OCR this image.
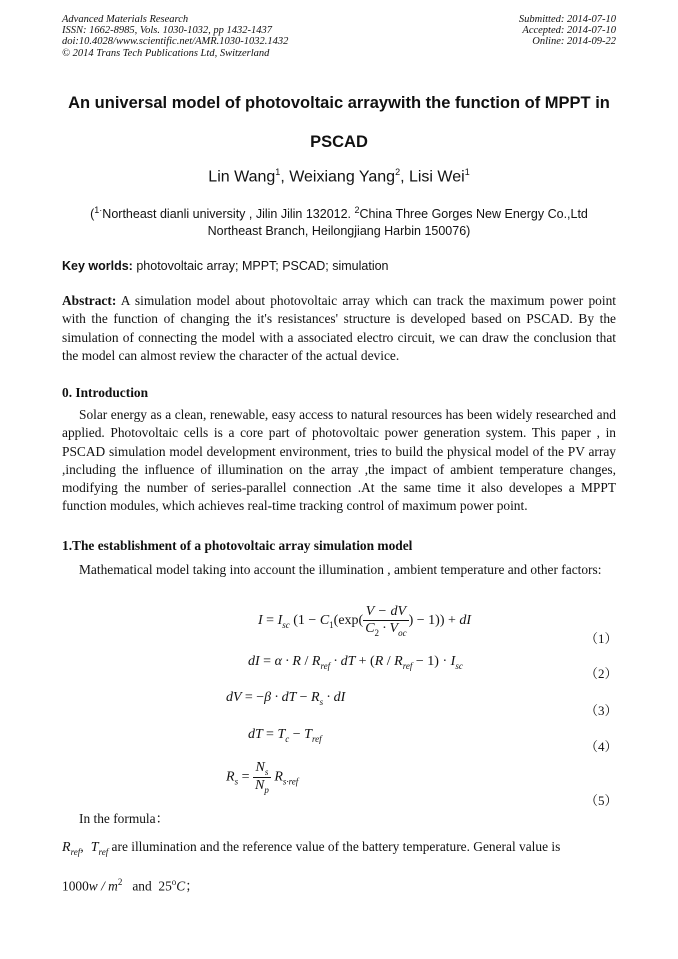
Advanced Materials Research
ISSN: 1662-8985, Vols. 1030-1032, pp 1432-1437
doi:10.4028/www.scientific.net/AMR.1030-1032.1432
© 2014 Trans Tech Publications Ltd, Switzerland
Submitted: 2014-07-10
Accepted: 2014-07-10
Online: 2014-09-22
An universal model of photovoltaic arraywith the function of MPPT in
PSCAD
Lin Wang$^1$, Weixiang Yang$^2$, Lisi Wei$^1$
($^{1\cdot}$Northeast dianli university , Jilin Jilin 132012. $^2$China Three Gorges New Energy Co.,Ltd
Northeast Branch, Heilongjiang Harbin 150076)
Key worlds: photovoltaic array; MPPT; PSCAD; simulation
Abstract: A simulation model about photovoltaic array which can track the maximum power point with the function of changing the it's resistances' structure is developed based on PSCAD. By the simulation of connecting the model with a associated electro circuit, we can draw the conclusion that the model can almost review the character of the actual device.
0. Introduction
Solar energy as a clean, renewable, easy access to natural resources has been widely researched and applied. Photovoltaic cells is a core part of photovoltaic power generation system. This paper , in PSCAD simulation model development environment, tries to build the physical model of the PV array ,including the influence of illumination on the array ,the impact of ambient temperature changes, modifying the number of series-parallel connection .At the same time it also developes a MPPT function modules, which achieves real-time tracking control of maximum power point.
1.The establishment of a photovoltaic array simulation model
Mathematical model taking into account the illumination , ambient temperature and other factors:
$I = I_{sc}$ ($1 - C_1(\exp( \frac{V - dV}{C_2 \cdot V_{oc}}$ ) − 1)) + dI
（1）
dI = $\alpha \cdot R / R_{ref}$ · dT + $(R / R_{ref} - 1) \cdot I_{sc}$
（2）
dV = −β · dT − $R_s$ · dI
（3）
dT = $T_c - T_{ref}$
（4）
$R_s = \frac{N_s}{N_p} R_{s\cdot ref}$
（5）
In the formula：
$R_{ref}$,  $T_{ref}$ are illumination and the reference value of the battery temperature. General value is
$1000w / m^2$ and 25$^o$C；
